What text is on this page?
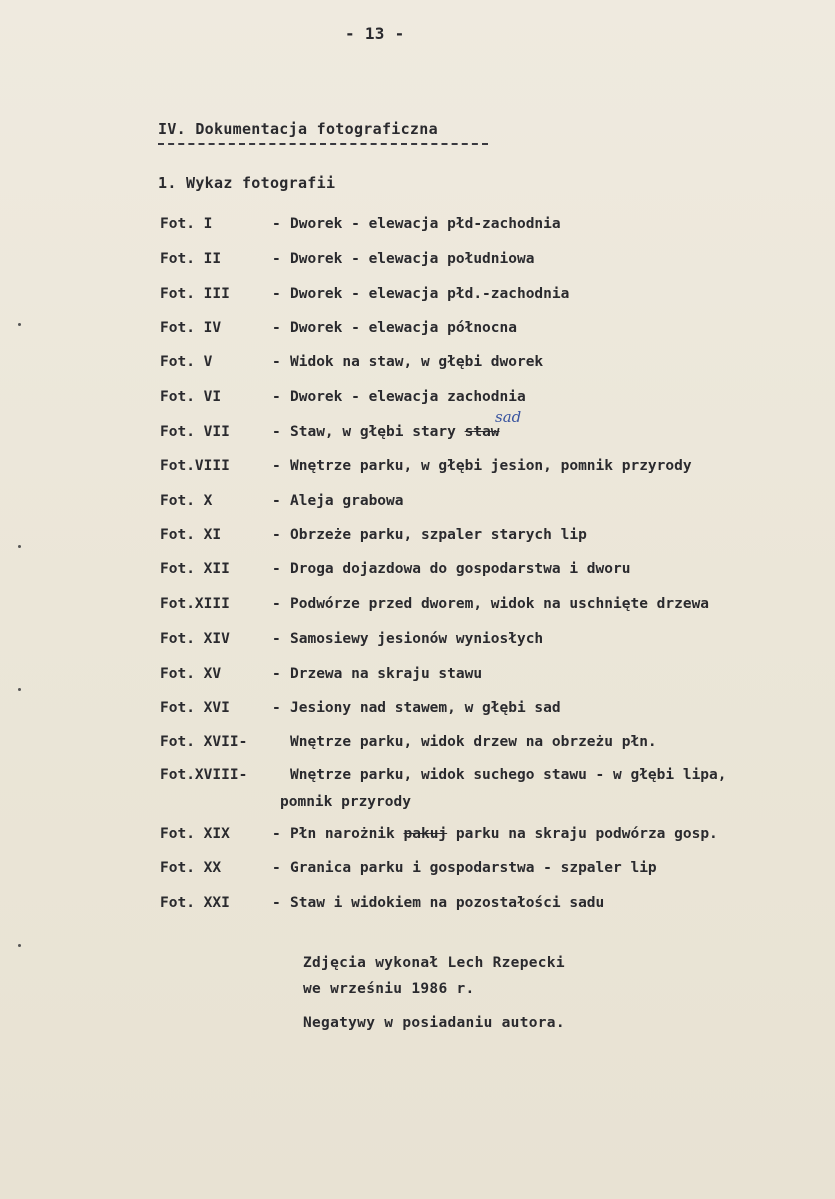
- 13 -
IV. Dokumentacja fotograficzna
1. Wykaz fotografii
Fot. I	- Dworek - elewacja płd-zachodnia
Fot. II	- Dworek - elewacja południowa
Fot. III	- Dworek - elewacja płd.-zachodnia
Fot. IV	- Dworek - elewacja północna
Fot. V	- Widok na staw, w głębi dworek
Fot. VI	- Dworek - elewacja zachodnia
Fot. VII	- Staw, w głębi stary staw
Fot.VIII	- Wnętrze parku, w głębi jesion, pomnik przyrody
Fot. X	- Aleja grabowa
Fot. XI	- Obrzeże parku, szpaler starych lip
Fot. XII	- Droga dojazdowa do gospodarstwa i dworu
Fot.XIII	- Podwórze przed dworem, widok na uschnięte drzewa
Fot. XIV	- Samosiewy jesionów wyniosłych
Fot. XV	- Drzewa na skraju stawu
Fot. XVI	- Jesiony nad stawem, w głębi sad
Fot. XVII-	Wnętrze parku, widok drzew na obrzeżu płn.
Fot.XVIII-	Wnętrze parku, widok suchego stawu - w głębi lipa,
pomnik przyrody
Fot. XIX	- Płn narożnik pakuj parku na skraju podwórza gosp.
Fot. XX	- Granica parku i gospodarstwa - szpaler lip
Fot. XXI	- Staw i widokiem na pozostałości sadu
sad
Zdjęcia wykonał Lech Rzepecki
we wrześniu 1986 r.
Negatywy w posiadaniu autora.
